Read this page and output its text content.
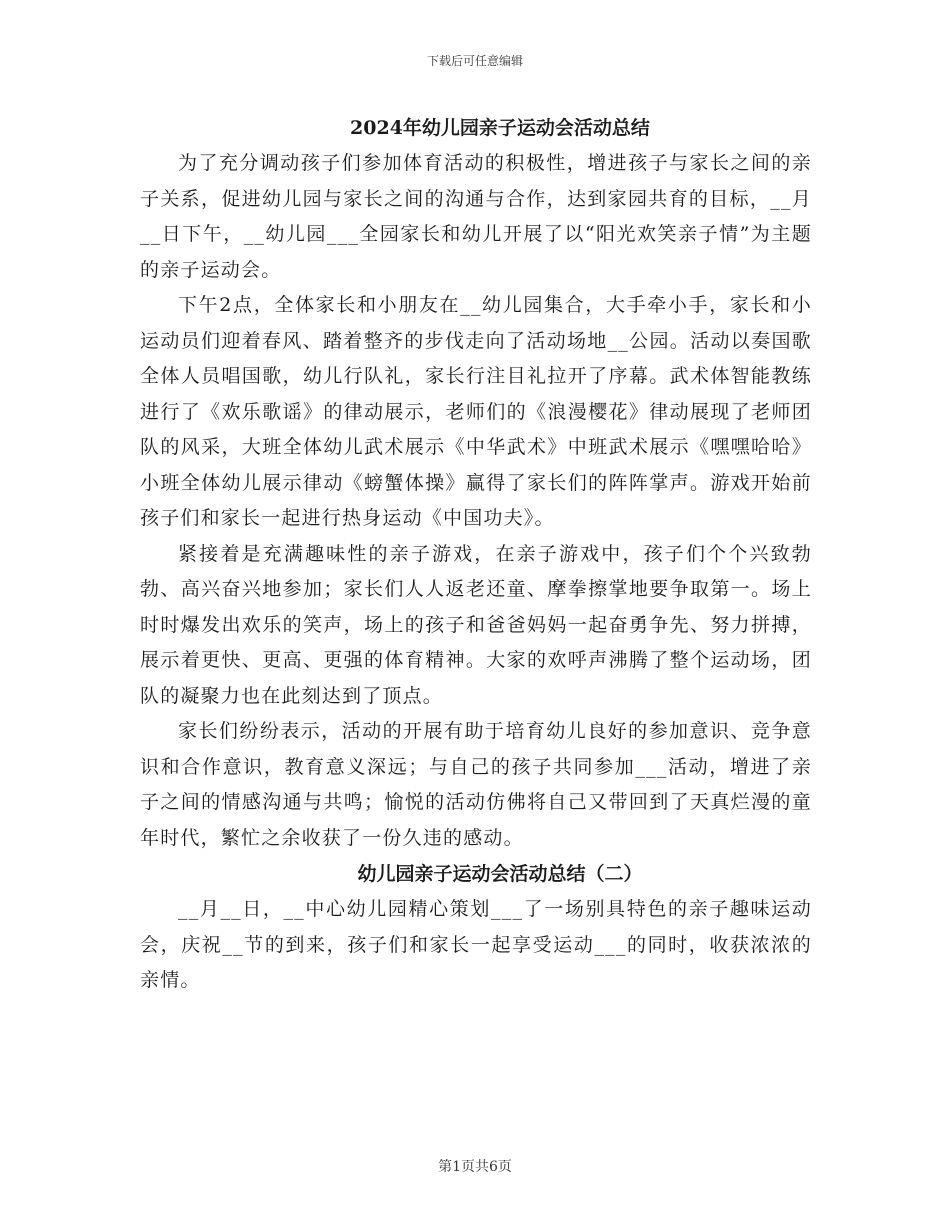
下载后可任意编辑
2024年幼儿园亲子运动会活动总结

为了充分调动孩子们参加体育活动的积极性，增进孩子与家长之间的亲子关系，促进幼儿园与家长之间的沟通与合作，达到家园共育的目标，__月__日下午，__幼儿园___全园家长和幼儿开展了以“阳光欢笑亲子情”为主题的亲子运动会。

下午2点，全体家长和小朋友在__幼儿园集合，大手牵小手，家长和小运动员们迎着春风、踏着整齐的步伐走向了活动场地__公园。活动以奏国歌全体人员唱国歌，幼儿行队礼，家长行注目礼拉开了序幕。武术体智能教练进行了《欢乐歌谣》的律动展示，老师们的《浪漫樱花》律动展现了老师团队的风采，大班全体幼儿武术展示《中华武术》中班武术展示《嘿嘿哈哈》小班全体幼儿展示律动《螃蟹体操》赢得了家长们的阵阵掌声。游戏开始前孩子们和家长一起进行热身运动《中国功夫》。

紧接着是充满趣味性的亲子游戏，在亲子游戏中，孩子们个个兴致勃勃、高兴奋兴地参加；家长们人人返老还童、摩拳擦掌地要争取第一。场上时时爆发出欢乐的笑声，场上的孩子和爸爸妈妈一起奋勇争先、努力拼搏，展示着更快、更高、更强的体育精神。大家的欢呼声沸腾了整个运动场，团队的凝聚力也在此刻达到了顶点。

家长们纷纷表示，活动的开展有助于培育幼儿良好的参加意识、竞争意识和合作意识，教育意义深远；与自己的孩子共同参加___活动，增进了亲子之间的情感沟通与共鸣；愉悦的活动仿佛将自己又带回到了天真烂漫的童年时代，繁忙之余收获了一份久违的感动。

幼儿园亲子运动会活动总结（二）

__月__日，__中心幼儿园精心策划___了一场别具特色的亲子趣味运动会，庆祝__节的到来，孩子们和家长一起享受运动___的同时，收获浓浓的亲情。

第1页共6页
